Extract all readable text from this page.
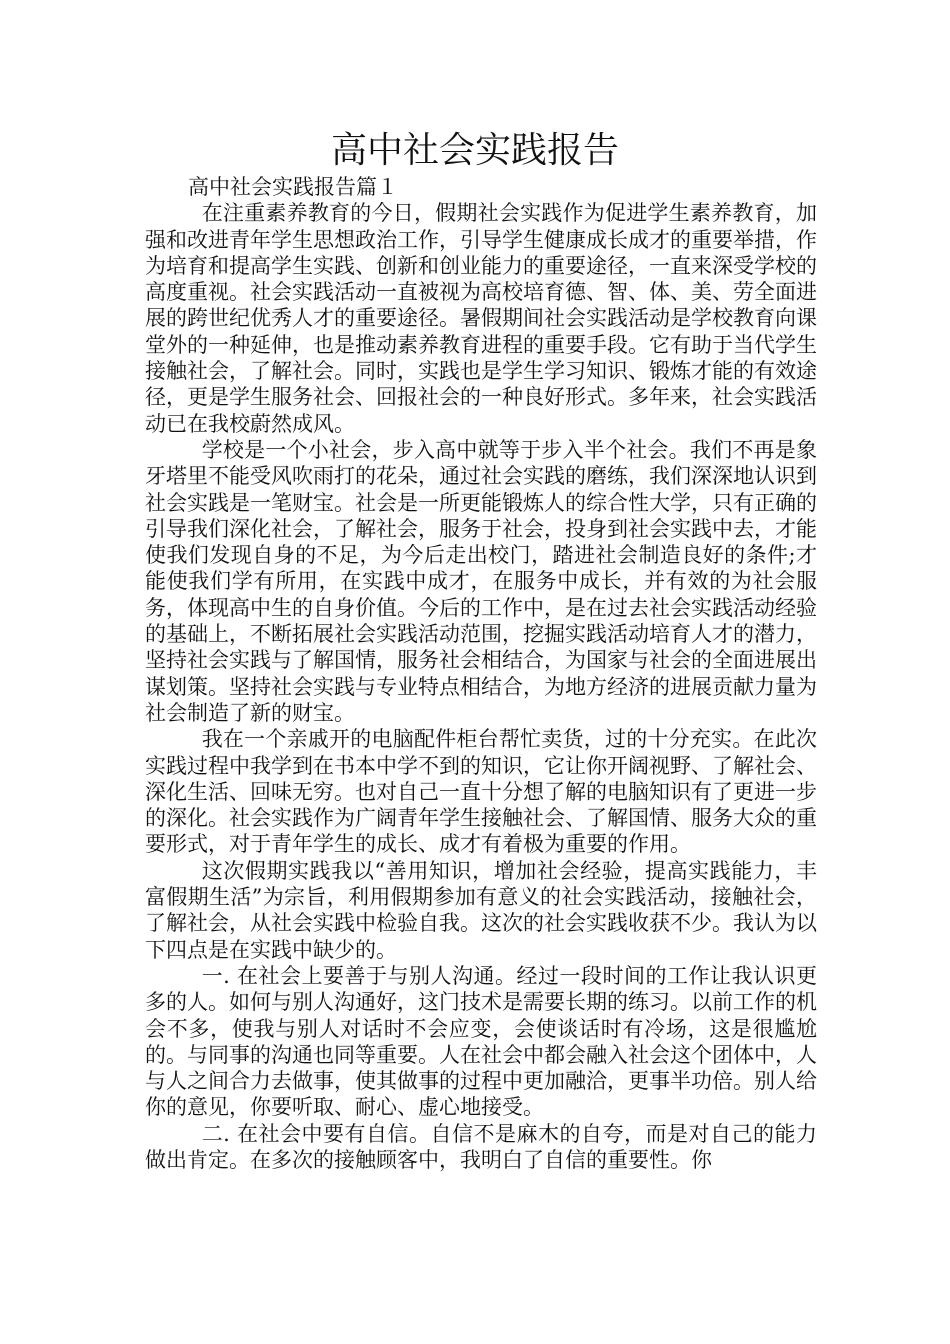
高中社会实践报告
高中社会实践报告篇１

在注重素养教育的今日，假期社会实践作为促进学生素养教育，加强和改进青年学生思想政治工作，引导学生健康成长成才的重要举措，作为培育和提高学生实践、创新和创业能力的重要途径，一直来深受学校的高度重视。社会实践活动一直被视为高校培育德、智、体、美、劳全面进展的跨世纪优秀人才的重要途径。暑假期间社会实践活动是学校教育向课堂外的一种延伸，也是推动素养教育进程的重要手段。它有助于当代学生接触社会，了解社会。同时，实践也是学生学习知识、锻炼才能的有效途径，更是学生服务社会、回报社会的一种良好形式。多年来，社会实践活动已在我校蔚然成风。

学校是一个小社会，步入高中就等于步入半个社会。我们不再是象牙塔里不能受风吹雨打的花朵，通过社会实践的磨练，我们深深地认识到社会实践是一笔财宝。社会是一所更能锻炼人的综合性大学，只有正确的引导我们深化社会，了解社会，服务于社会，投身到社会实践中去，才能使我们发现自身的不足，为今后走出校门，踏进社会制造良好的条件;才能使我们学有所用，在实践中成才，在服务中成长，并有效的为社会服务，体现高中生的自身价值。今后的工作中，是在过去社会实践活动经验的基础上，不断拓展社会实践活动范围，挖掘实践活动培育人才的潜力，坚持社会实践与了解国情，服务社会相结合，为国家与社会的全面进展出谋划策。坚持社会实践与专业特点相结合，为地方经济的进展贡献力量为社会制造了新的财宝。

我在一个亲戚开的电脑配件柜台帮忙卖货，过的十分充实。在此次实践过程中我学到在书本中学不到的知识，它让你开阔视野、了解社会、深化生活、回味无穷。也对自己一直十分想了解的电脑知识有了更进一步的深化。社会实践作为广阔青年学生接触社会、了解国情、服务大众的重要形式，对于青年学生的成长、成才有着极为重要的作用。

这次假期实践我以“善用知识，增加社会经验，提高实践能力，丰富假期生活”为宗旨，利用假期参加有意义的社会实践活动，接触社会，了解社会，从社会实践中检验自我。这次的社会实践收获不少。我认为以下四点是在实践中缺少的。

一. 在社会上要善于与别人沟通。经过一段时间的工作让我认识更多的人。如何与别人沟通好，这门技术是需要长期的练习。以前工作的机会不多，使我与别人对话时不会应变，会使谈话时有冷场，这是很尴尬的。与同事的沟通也同等重要。人在社会中都会融入社会这个团体中，人与人之间合力去做事，使其做事的过程中更加融洽，更事半功倍。别人给你的意见，你要听取、耐心、虚心地接受。

二. 在社会中要有自信。自信不是麻木的自夸，而是对自己的能力做出肯定。在多次的接触顾客中，我明白了自信的重要性。你
